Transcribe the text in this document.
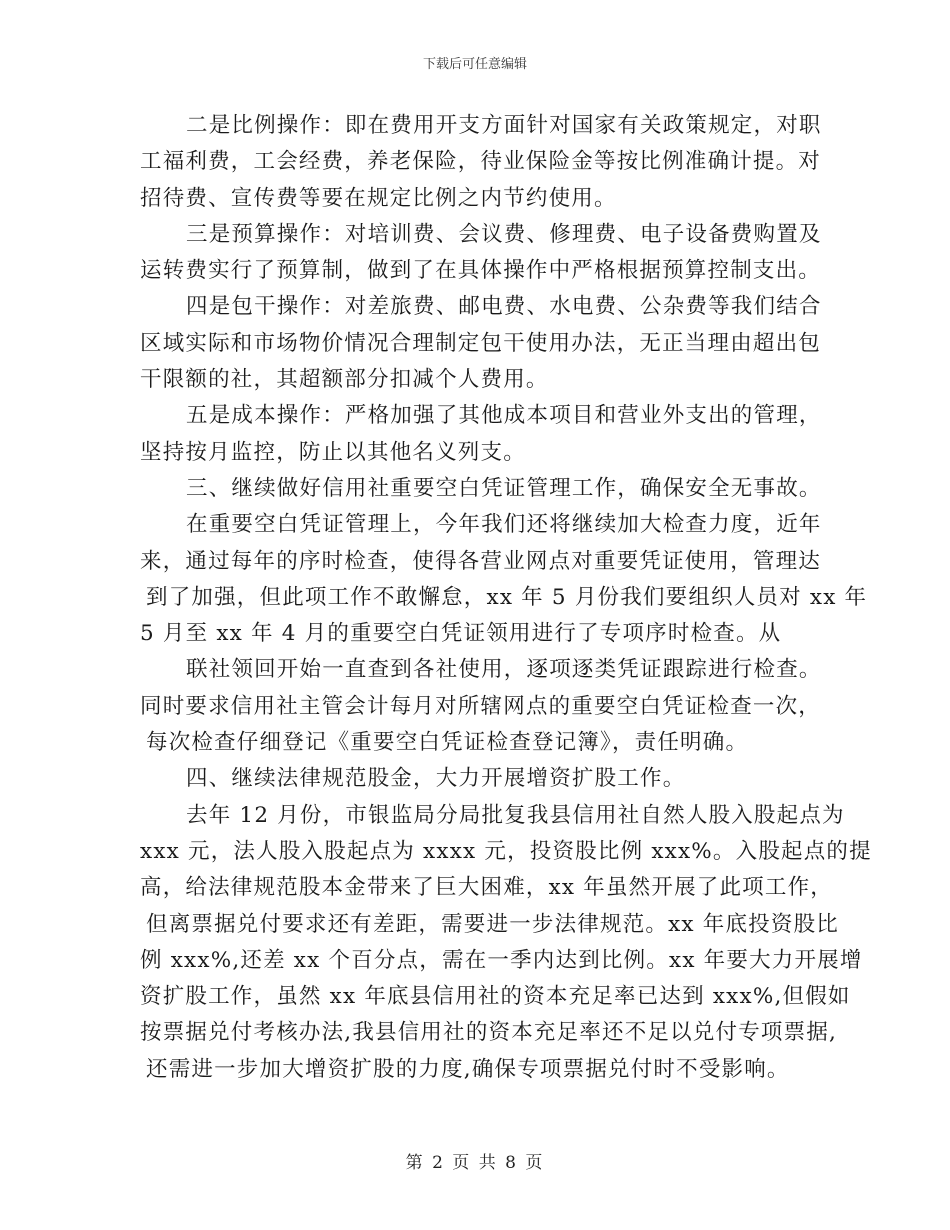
下载后可任意编辑
二是比例操作：即在费用开支方面针对国家有关政策规定，对职
工福利费，工会经费，养老保险，待业保险金等按比例准确计提。对
招待费、宣传费等要在规定比例之内节约使用。
三是预算操作：对培训费、会议费、修理费、电子设备费购置及
运转费实行了预算制，做到了在具体操作中严格根据预算控制支出。
四是包干操作：对差旅费、邮电费、水电费、公杂费等我们结合
区域实际和市场物价情况合理制定包干使用办法，无正当理由超出包
干限额的社，其超额部分扣减个人费用。
五是成本操作：严格加强了其他成本项目和营业外支出的管理，
坚持按月监控，防止以其他名义列支。
三、继续做好信用社重要空白凭证管理工作，确保安全无事故。
在重要空白凭证管理上，今年我们还将继续加大检查力度，近年
来，通过每年的序时检查，使得各营业网点对重要凭证使用，管理达
到了加强，但此项工作不敢懈怠，xx 年 5 月份我们要组织人员对 xx 年
5 月至 xx 年 4 月的重要空白凭证领用进行了专项序时检查。从
联社领回开始一直查到各社使用，逐项逐类凭证跟踪进行检查。
同时要求信用社主管会计每月对所辖网点的重要空白凭证检查一次，
每次检查仔细登记《重要空白凭证检查登记簿》，责任明确。
四、继续法律规范股金，大力开展增资扩股工作。
去年 12 月份，市银监局分局批复我县信用社自然人股入股起点为
xxx 元，法人股入股起点为 xxxx 元，投资股比例 xxx%。入股起点的提
高，给法律规范股本金带来了巨大困难，xx 年虽然开展了此项工作，
但离票据兑付要求还有差距，需要进一步法律规范。xx 年底投资股比
例 xxx%,还差 xx 个百分点，需在一季内达到比例。xx 年要大力开展增
资扩股工作，虽然 xx 年底县信用社的资本充足率已达到 xxx%,但假如
按票据兑付考核办法,我县信用社的资本充足率还不足以兑付专项票据,
还需进一步加大增资扩股的力度,确保专项票据兑付时不受影响。
第 2 页 共 8 页
